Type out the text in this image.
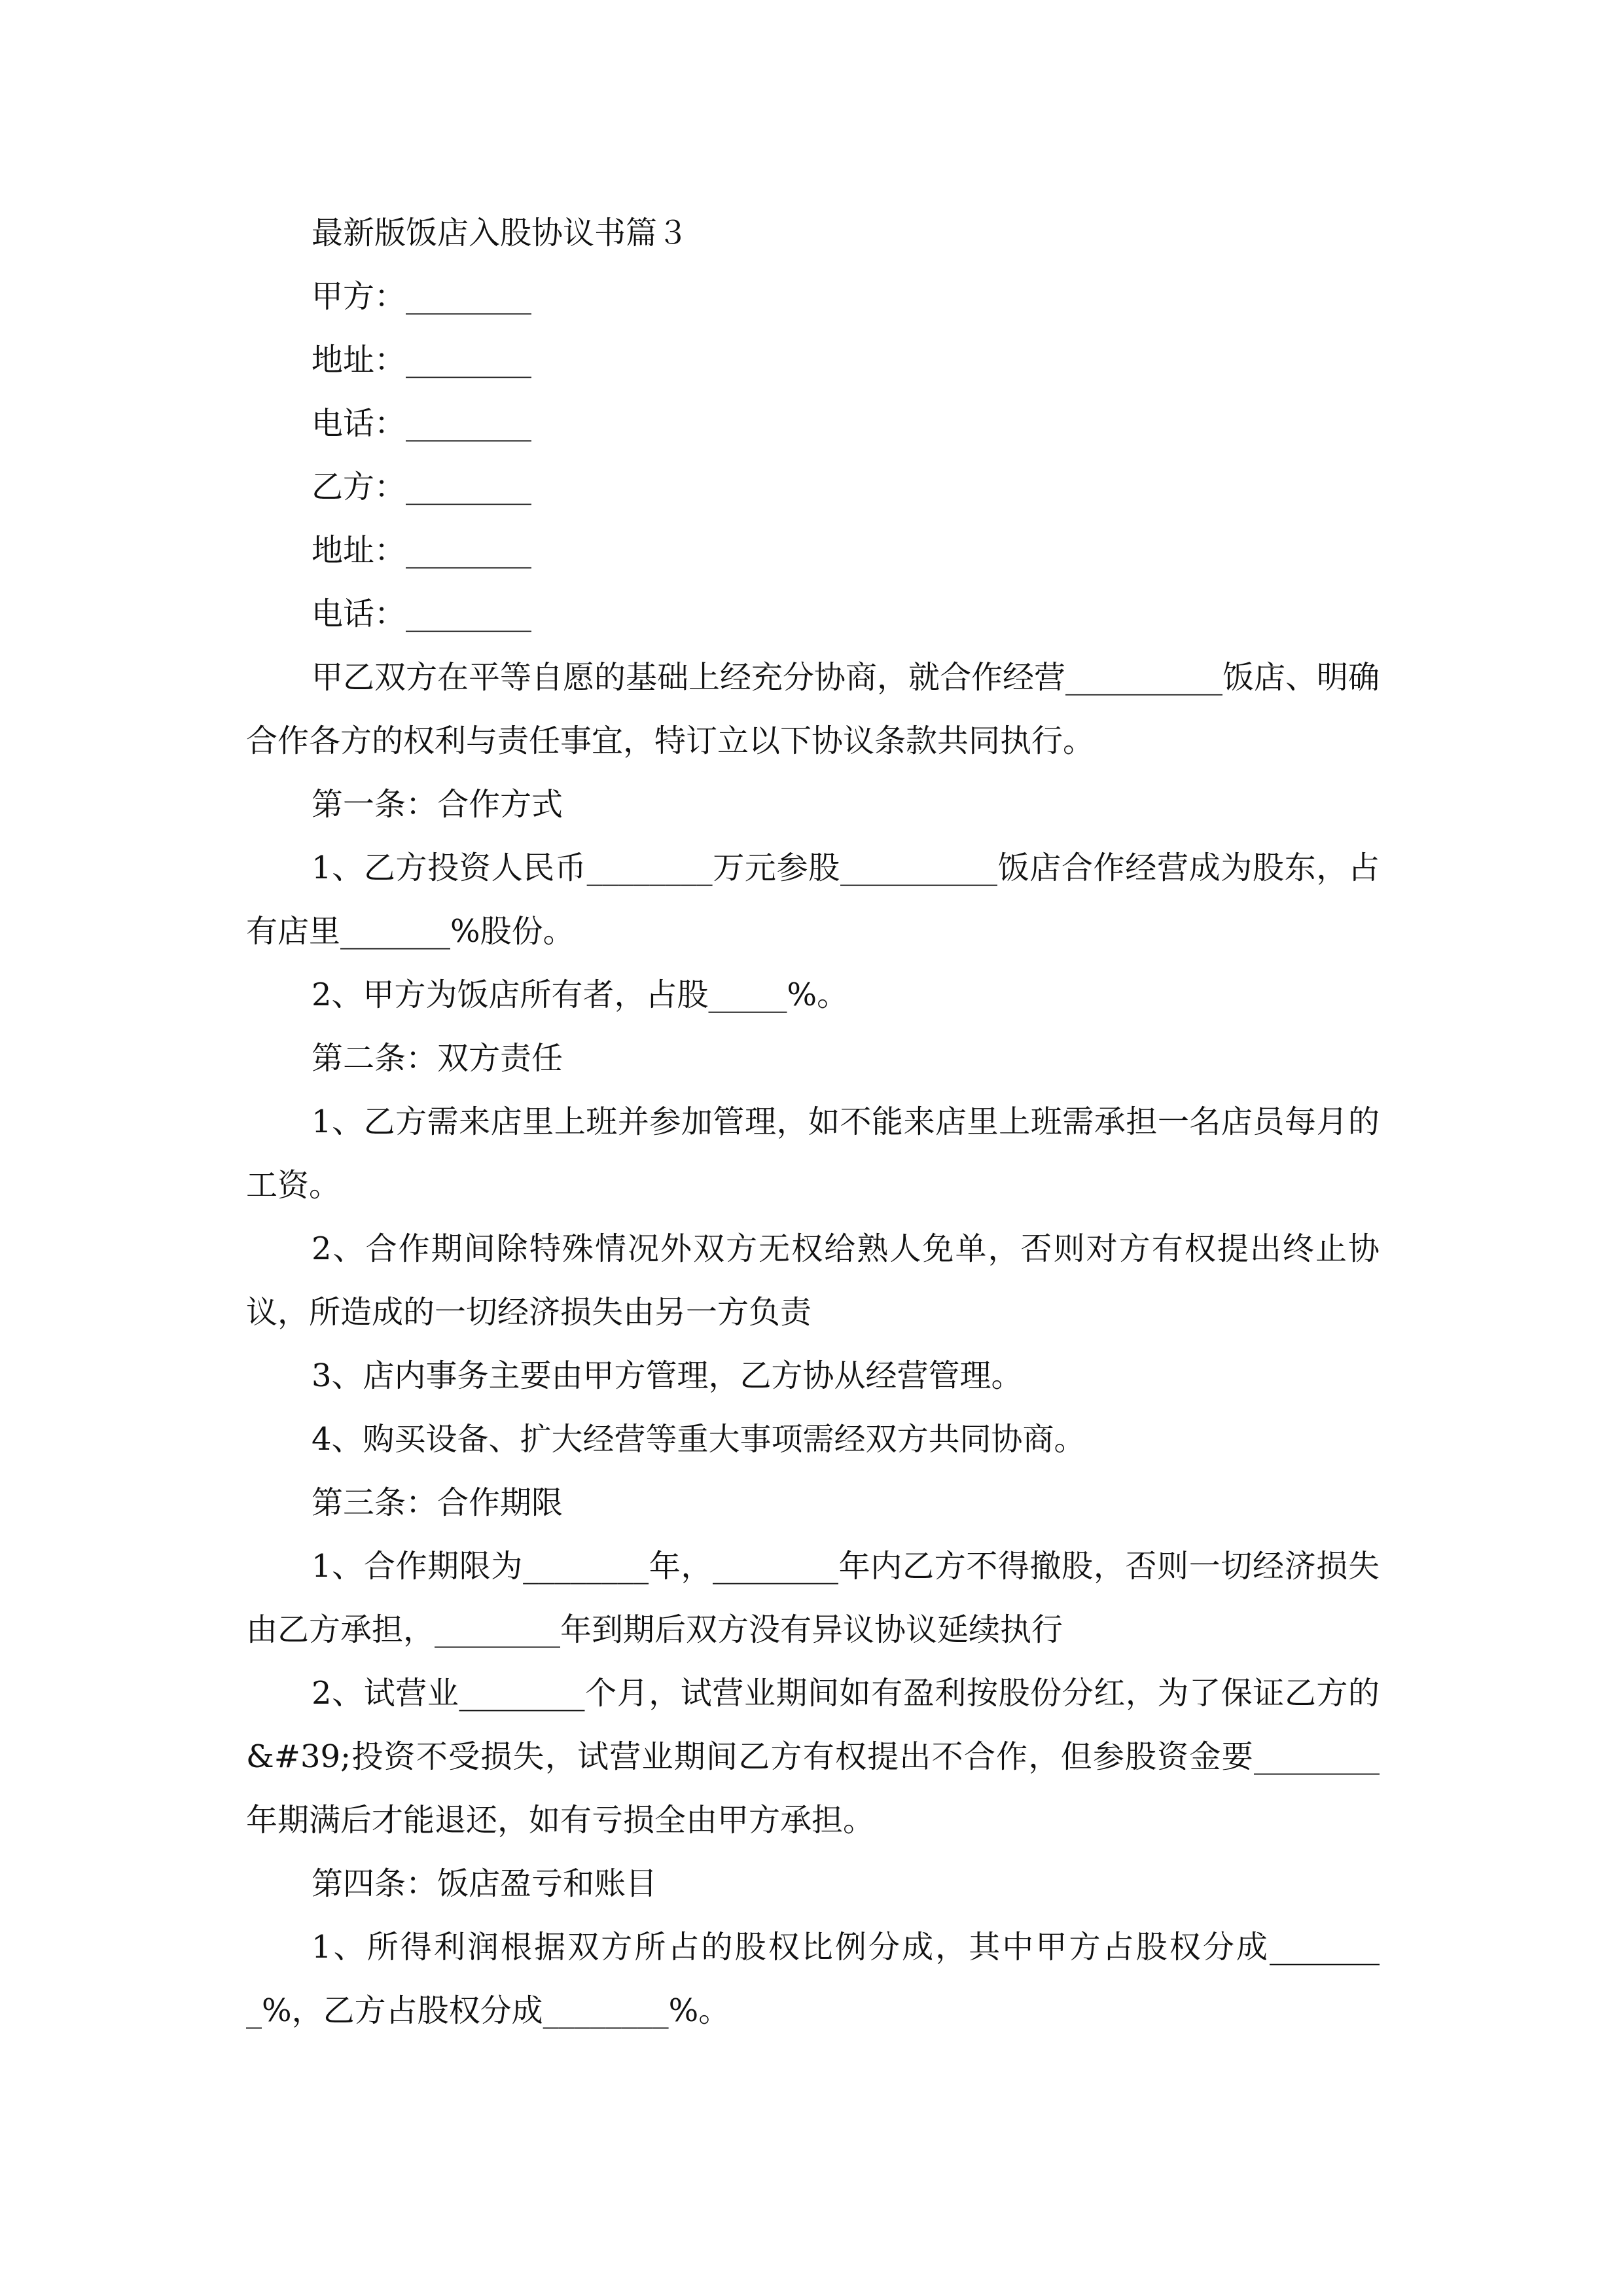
最新版饭店入股协议书篇３
甲方：________
地址：________
电话：________
乙方：________
地址：________
电话：________
甲乙双方在平等自愿的基础上经充分协商，就合作经营__________饭店、明确合作各方的权利与责任事宜，特订立以下协议条款共同执行。
第一条：合作方式
1、乙方投资人民币________万元参股__________饭店合作经营成为股东，占有店里_______%股份。
2、甲方为饭店所有者，占股_____%。
第二条：双方责任
1、乙方需来店里上班并参加管理，如不能来店里上班需承担一名店员每月的工资。
2、合作期间除特殊情况外双方无权给熟人免单，否则对方有权提出终止协议，所造成的一切经济损失由另一方负责
3、店内事务主要由甲方管理，乙方协从经营管理。
4、购买设备、扩大经营等重大事项需经双方共同协商。
第三条：合作期限
1、合作期限为________年，________年内乙方不得撤股，否则一切经济损失由乙方承担，________年到期后双方没有异议协议延续执行
2、试营业________个月，试营业期间如有盈利按股份分红，为了保证乙方的&#39;投资不受损失，试营业期间乙方有权提出不合作，但参股资金要________年期满后才能退还，如有亏损全由甲方承担。
第四条：饭店盈亏和账目
1、所得利润根据双方所占的股权比例分成，其中甲方占股权分成________%，乙方占股权分成________%。
